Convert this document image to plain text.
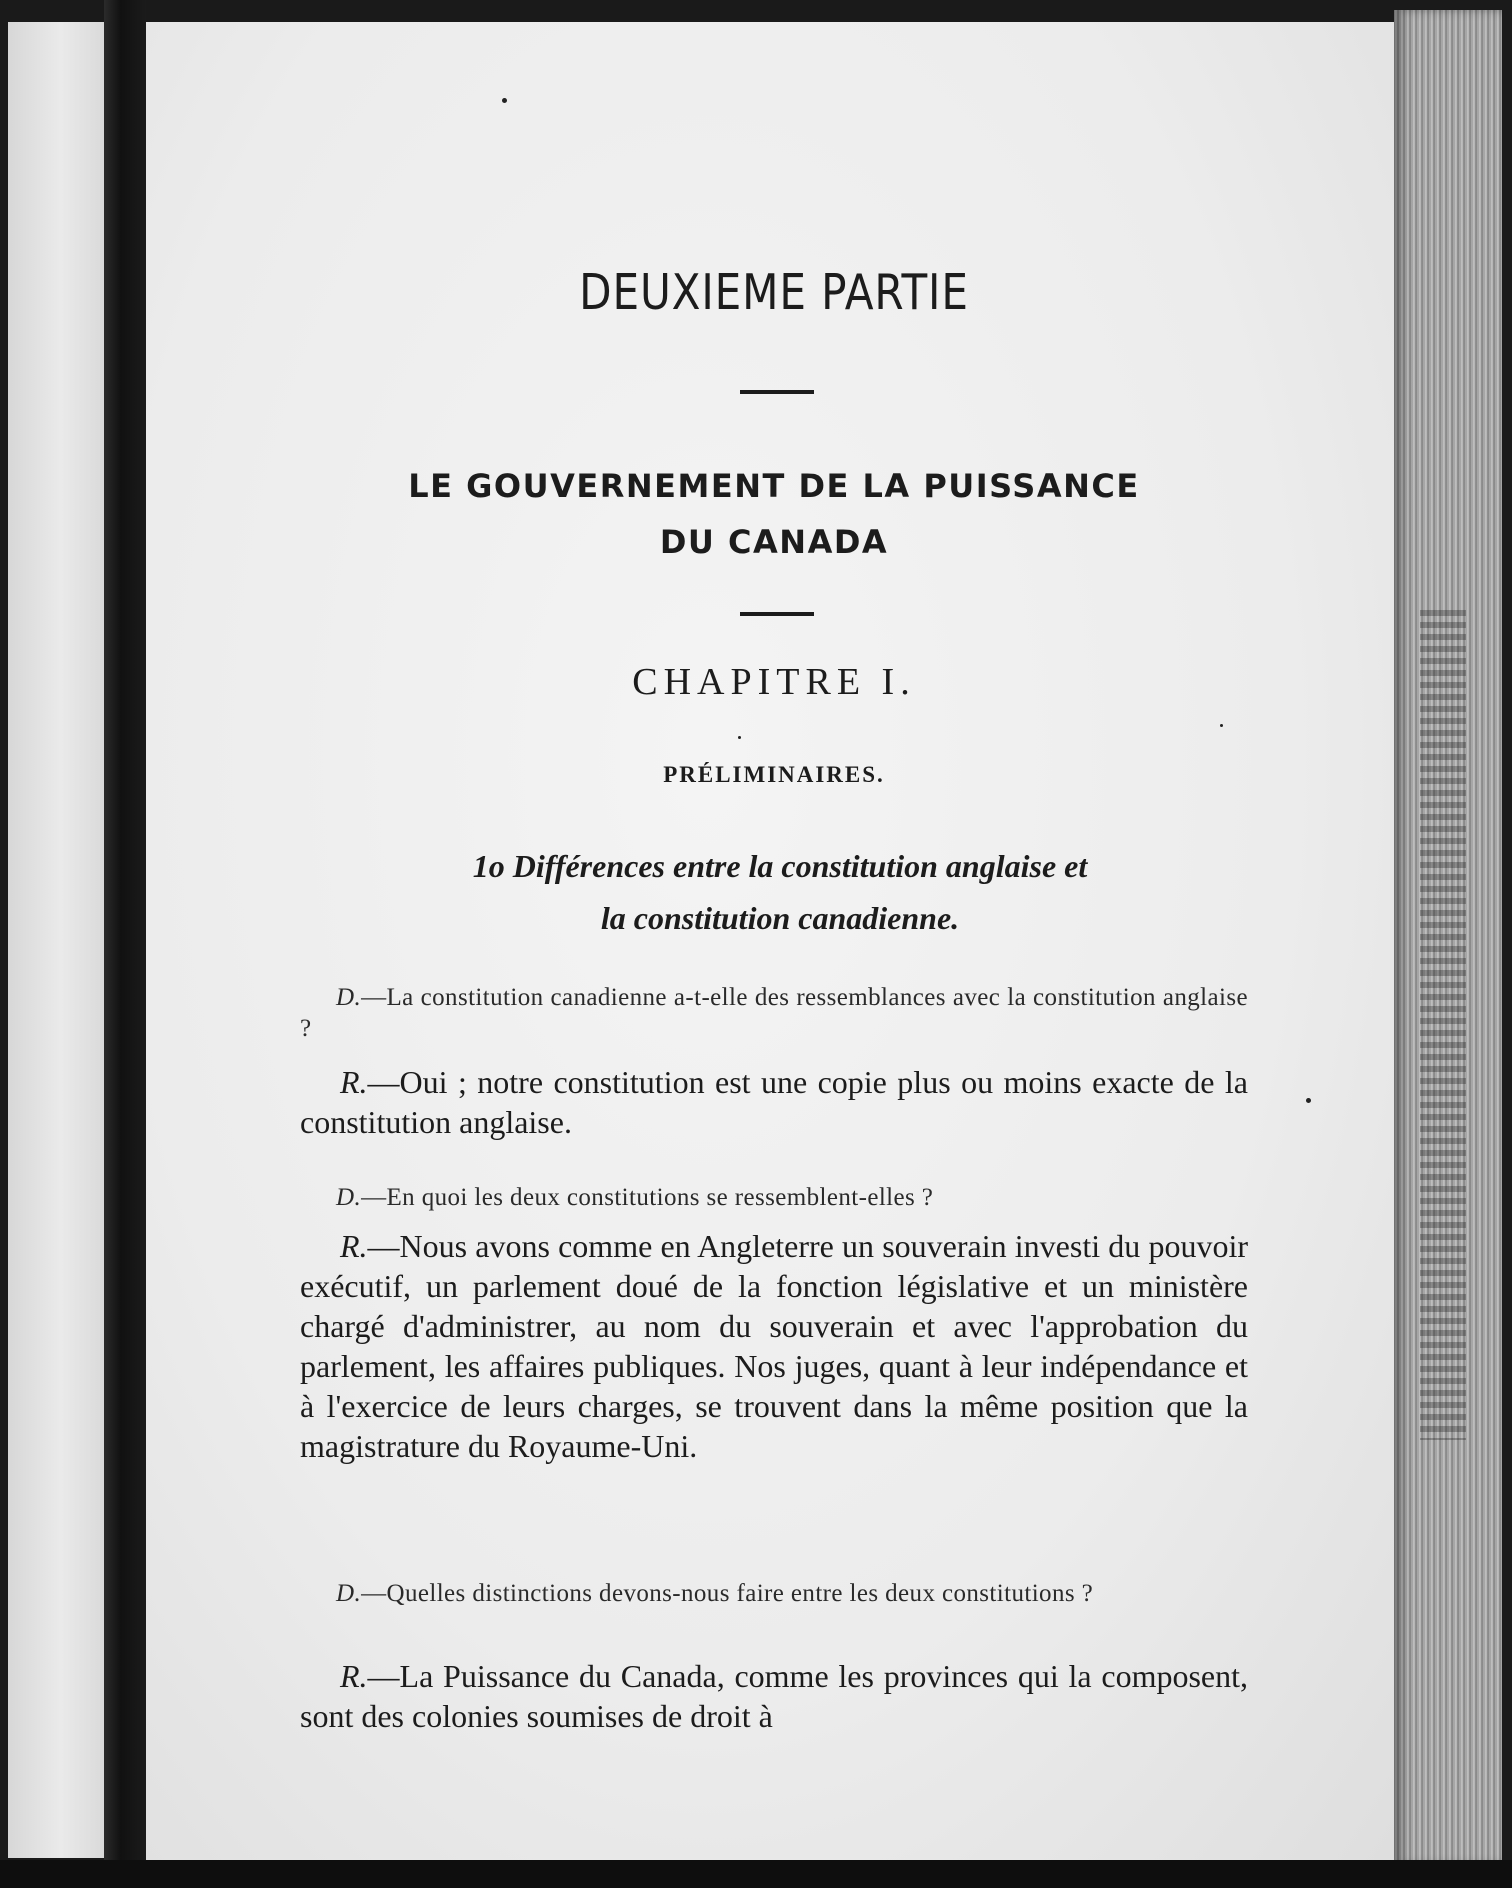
DEUXIEME PARTIE
LE GOUVERNEMENT DE LA PUISSANCE
DU CANADA
CHAPITRE I.
PRÉLIMINAIRES.
1o Différences entre la constitution anglaise et
la constitution canadienne.

D.—La constitution canadienne a-t-elle des ressemblances avec la constitution anglaise ?

R.—Oui ; notre constitution est une copie plus ou moins exacte de la constitution anglaise.

D.—En quoi les deux constitutions se ressemblent-elles ?

R.—Nous avons comme en Angleterre un souverain investi du pouvoir exécutif, un parlement doué de la fonction législative et un ministère chargé d'administrer, au nom du souverain et avec l'approbation du parlement, les affaires publiques. Nos juges, quant à leur indépendance et à l'exercice de leurs charges, se trouvent dans la même position que la magistrature du Royaume-Uni.

D.—Quelles distinctions devons-nous faire entre les deux constitutions ?

R.—La Puissance du Canada, comme les provinces qui la composent, sont des colonies soumises de droit à
